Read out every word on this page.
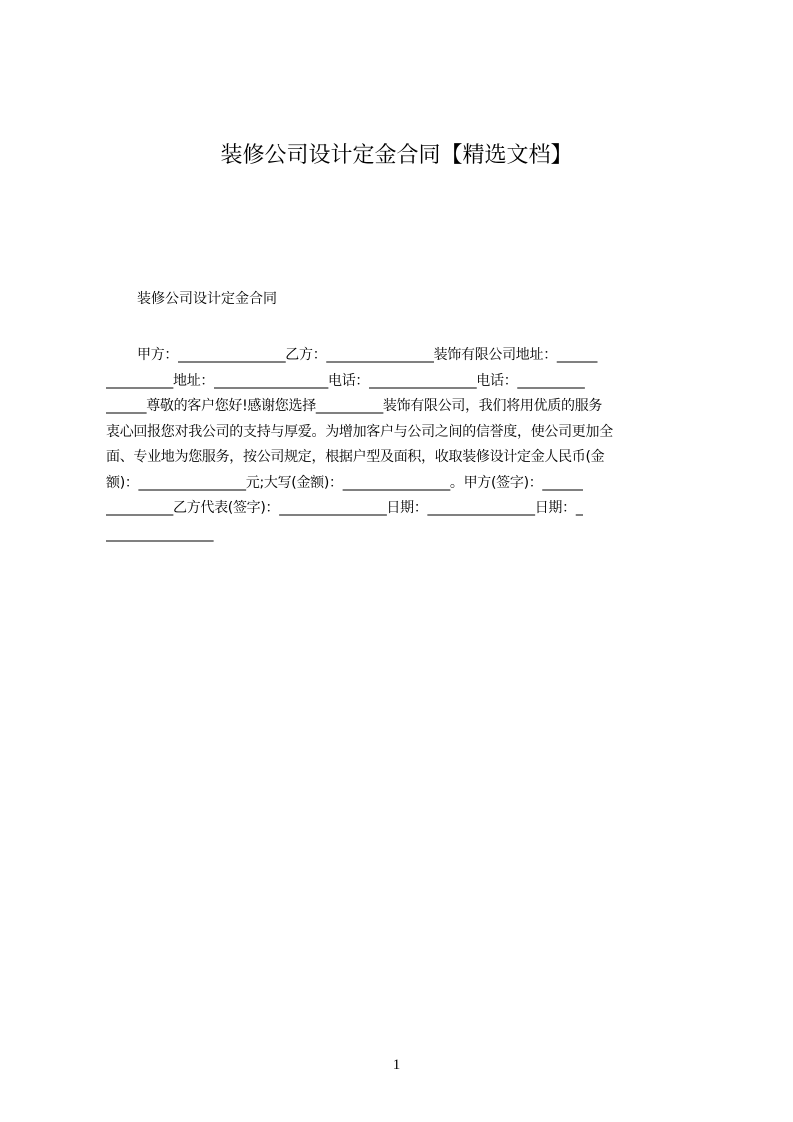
装修公司设计定金合同【精选文档】
装修公司设计定金合同
甲方：________________乙方：________________装饰有限公司地址：______
__________地址：_________________电话：________________电话：__________
______尊敬的客户您好!感谢您选择__________装饰有限公司，我们将用优质的服务
衷心回报您对我公司的支持与厚爱。为增加客户与公司之间的信誉度，使公司更加全
面、专业地为您服务，按公司规定，根据户型及面积，收取装修设计定金人民币(金
额)：________________元;大写(金额)：________________。甲方(签字)：______
__________乙方代表(签字)：________________日期：________________日期：_
________________
1
